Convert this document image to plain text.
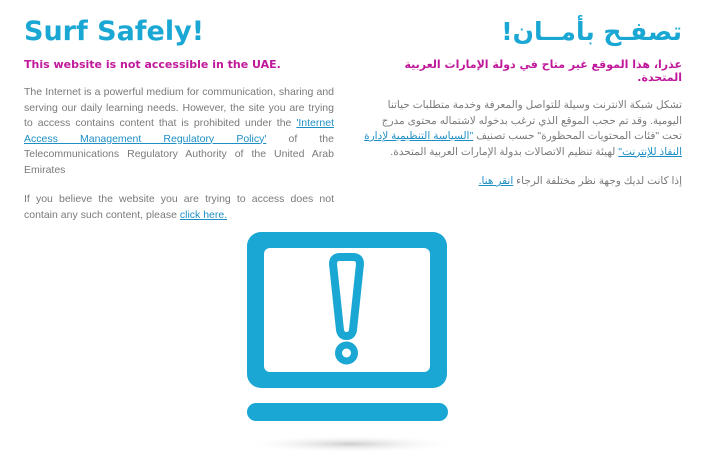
Surf Safely!

This website is not accessible in the UAE.

The Internet is a powerful medium for communication, sharing and serving our daily learning needs. However, the site you are trying to access contains content that is prohibited under the 'Internet Access Management Regulatory Policy' of the Telecommunications Regulatory Authority of the United Arab Emirates

If you believe the website you are trying to access does not contain any such content, please click here.

تصفـح بأمــان!

عذرا، هذا الموقع غير متاح في دولة الإمارات العربية المتحدة.

تشكل شبكة الانترنت وسيلة للتواصل والمعرفة وخدمة متطلبات حياتنا اليومية. وقد تم حجب الموقع الذي ترغب بدخوله لاشتماله محتوى مدرج تحت "فئات المحتويات المحظورة" حسب تصنيف "السياسة التنظيمية لإدارة النفاذ للإنترنت" لهيئة تنظيم الاتصالات بدولة الإمارات العربية المتحدة.

إذا كانت لديك وجهة نظر مختلفة الرجاء انقر هنا.
